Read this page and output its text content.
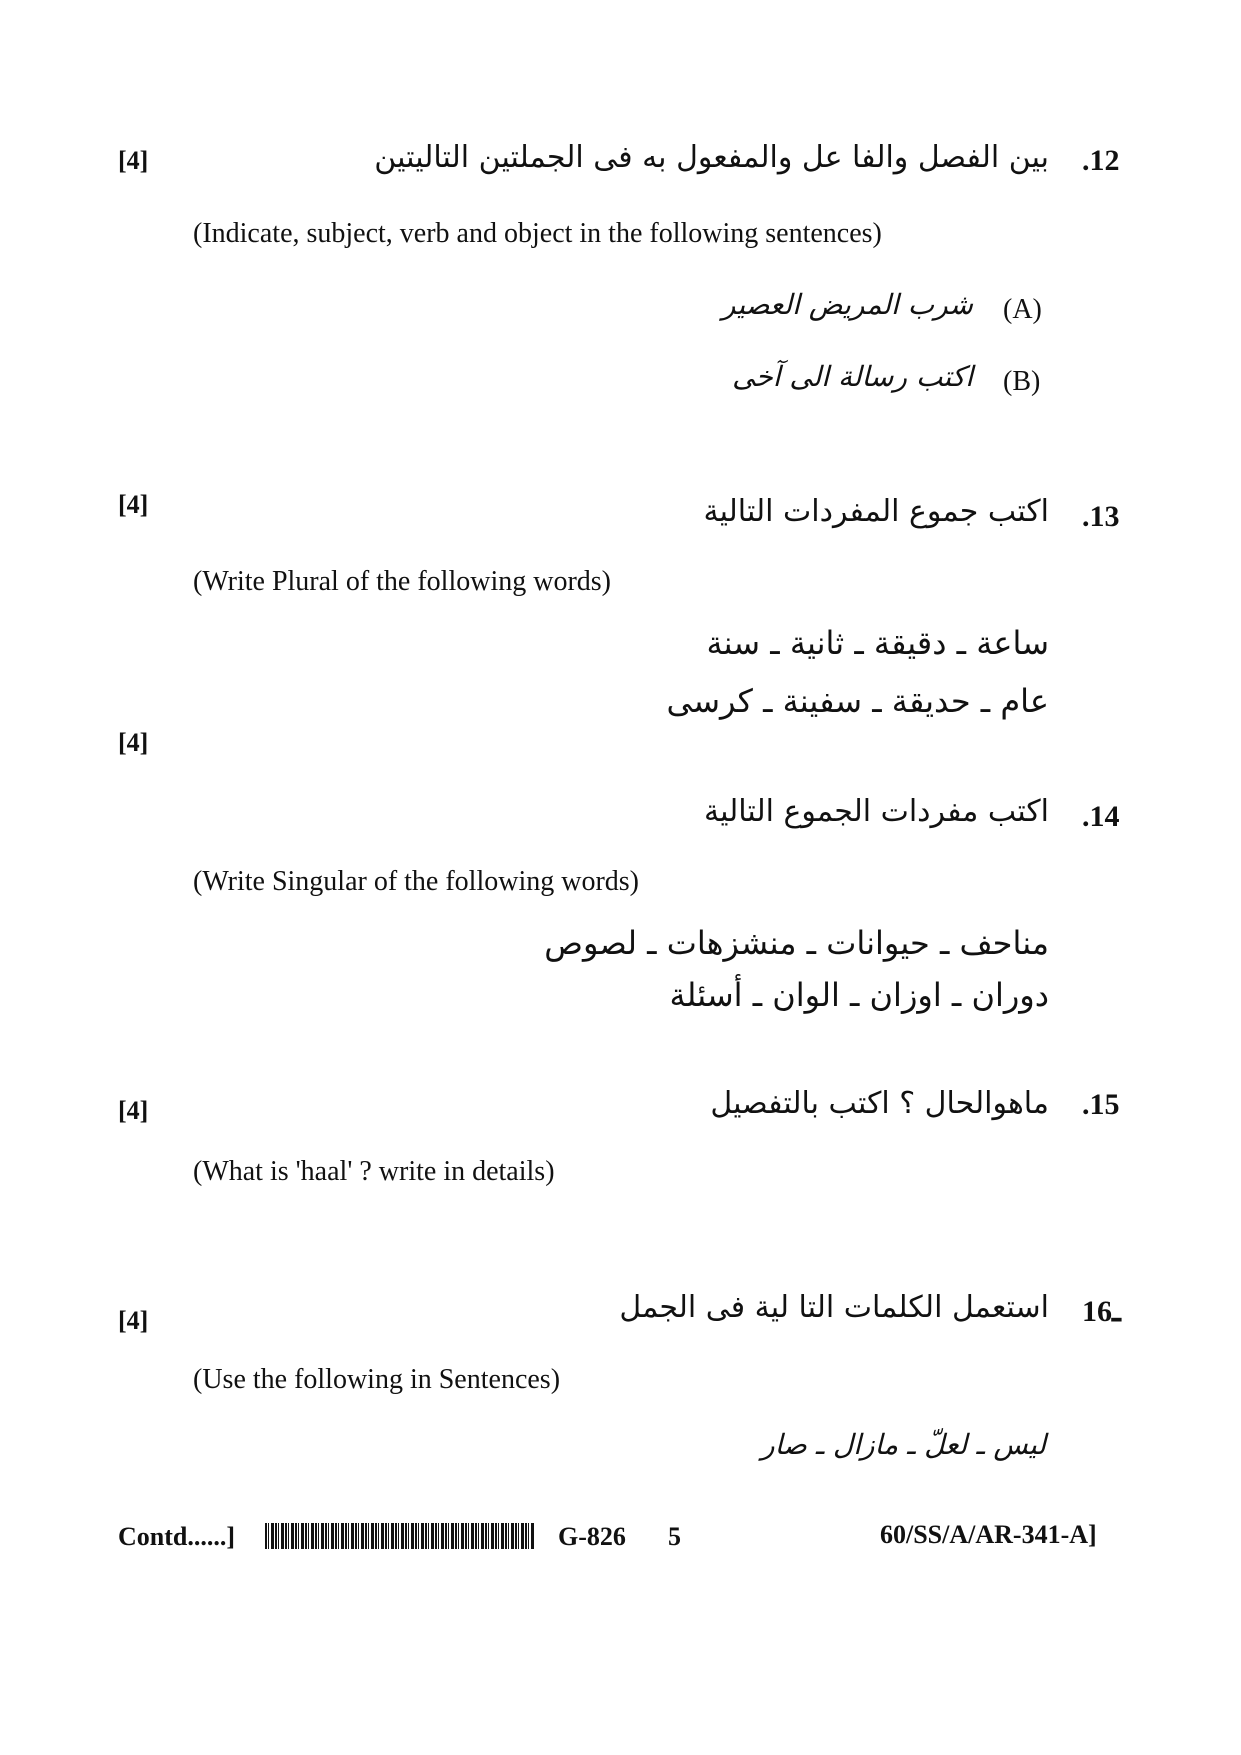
[4]	بين الفصل والفا عل والمفعول به فى الجملتين التاليتين .12
(Indicate, subject, verb and object in the following sentences)
(A)
شرب المريض العصير
(B)
اكتب رسالة الى آخى
[4]	اكتب جموع المفردات التالية .13
(Write Plural of the following words)
ساعة ـ دقيقة ـ ثانية ـ سنة
عام ـ حديقة ـ سفينة ـ كرسى
[4]
اكتب مفردات الجموع التالية .14
(Write Singular of the following words)
مناحف ـ حيوانات ـ منشزهات ـ لصوص
دوران ـ اوزان ـ الوان ـ أسئلة
[4]	ماهوالحال ؟ اكتب بالتفصيل .15
(What is 'haal' ? write in details)
[4]	استعمل الكلمات التا لية فى الجمل ـ16
(Use the following in Sentences)
ليس ـ لعلّ ـ مازال ـ صار
Contd......]	G-826 5	60/SS/A/AR-341-A]
